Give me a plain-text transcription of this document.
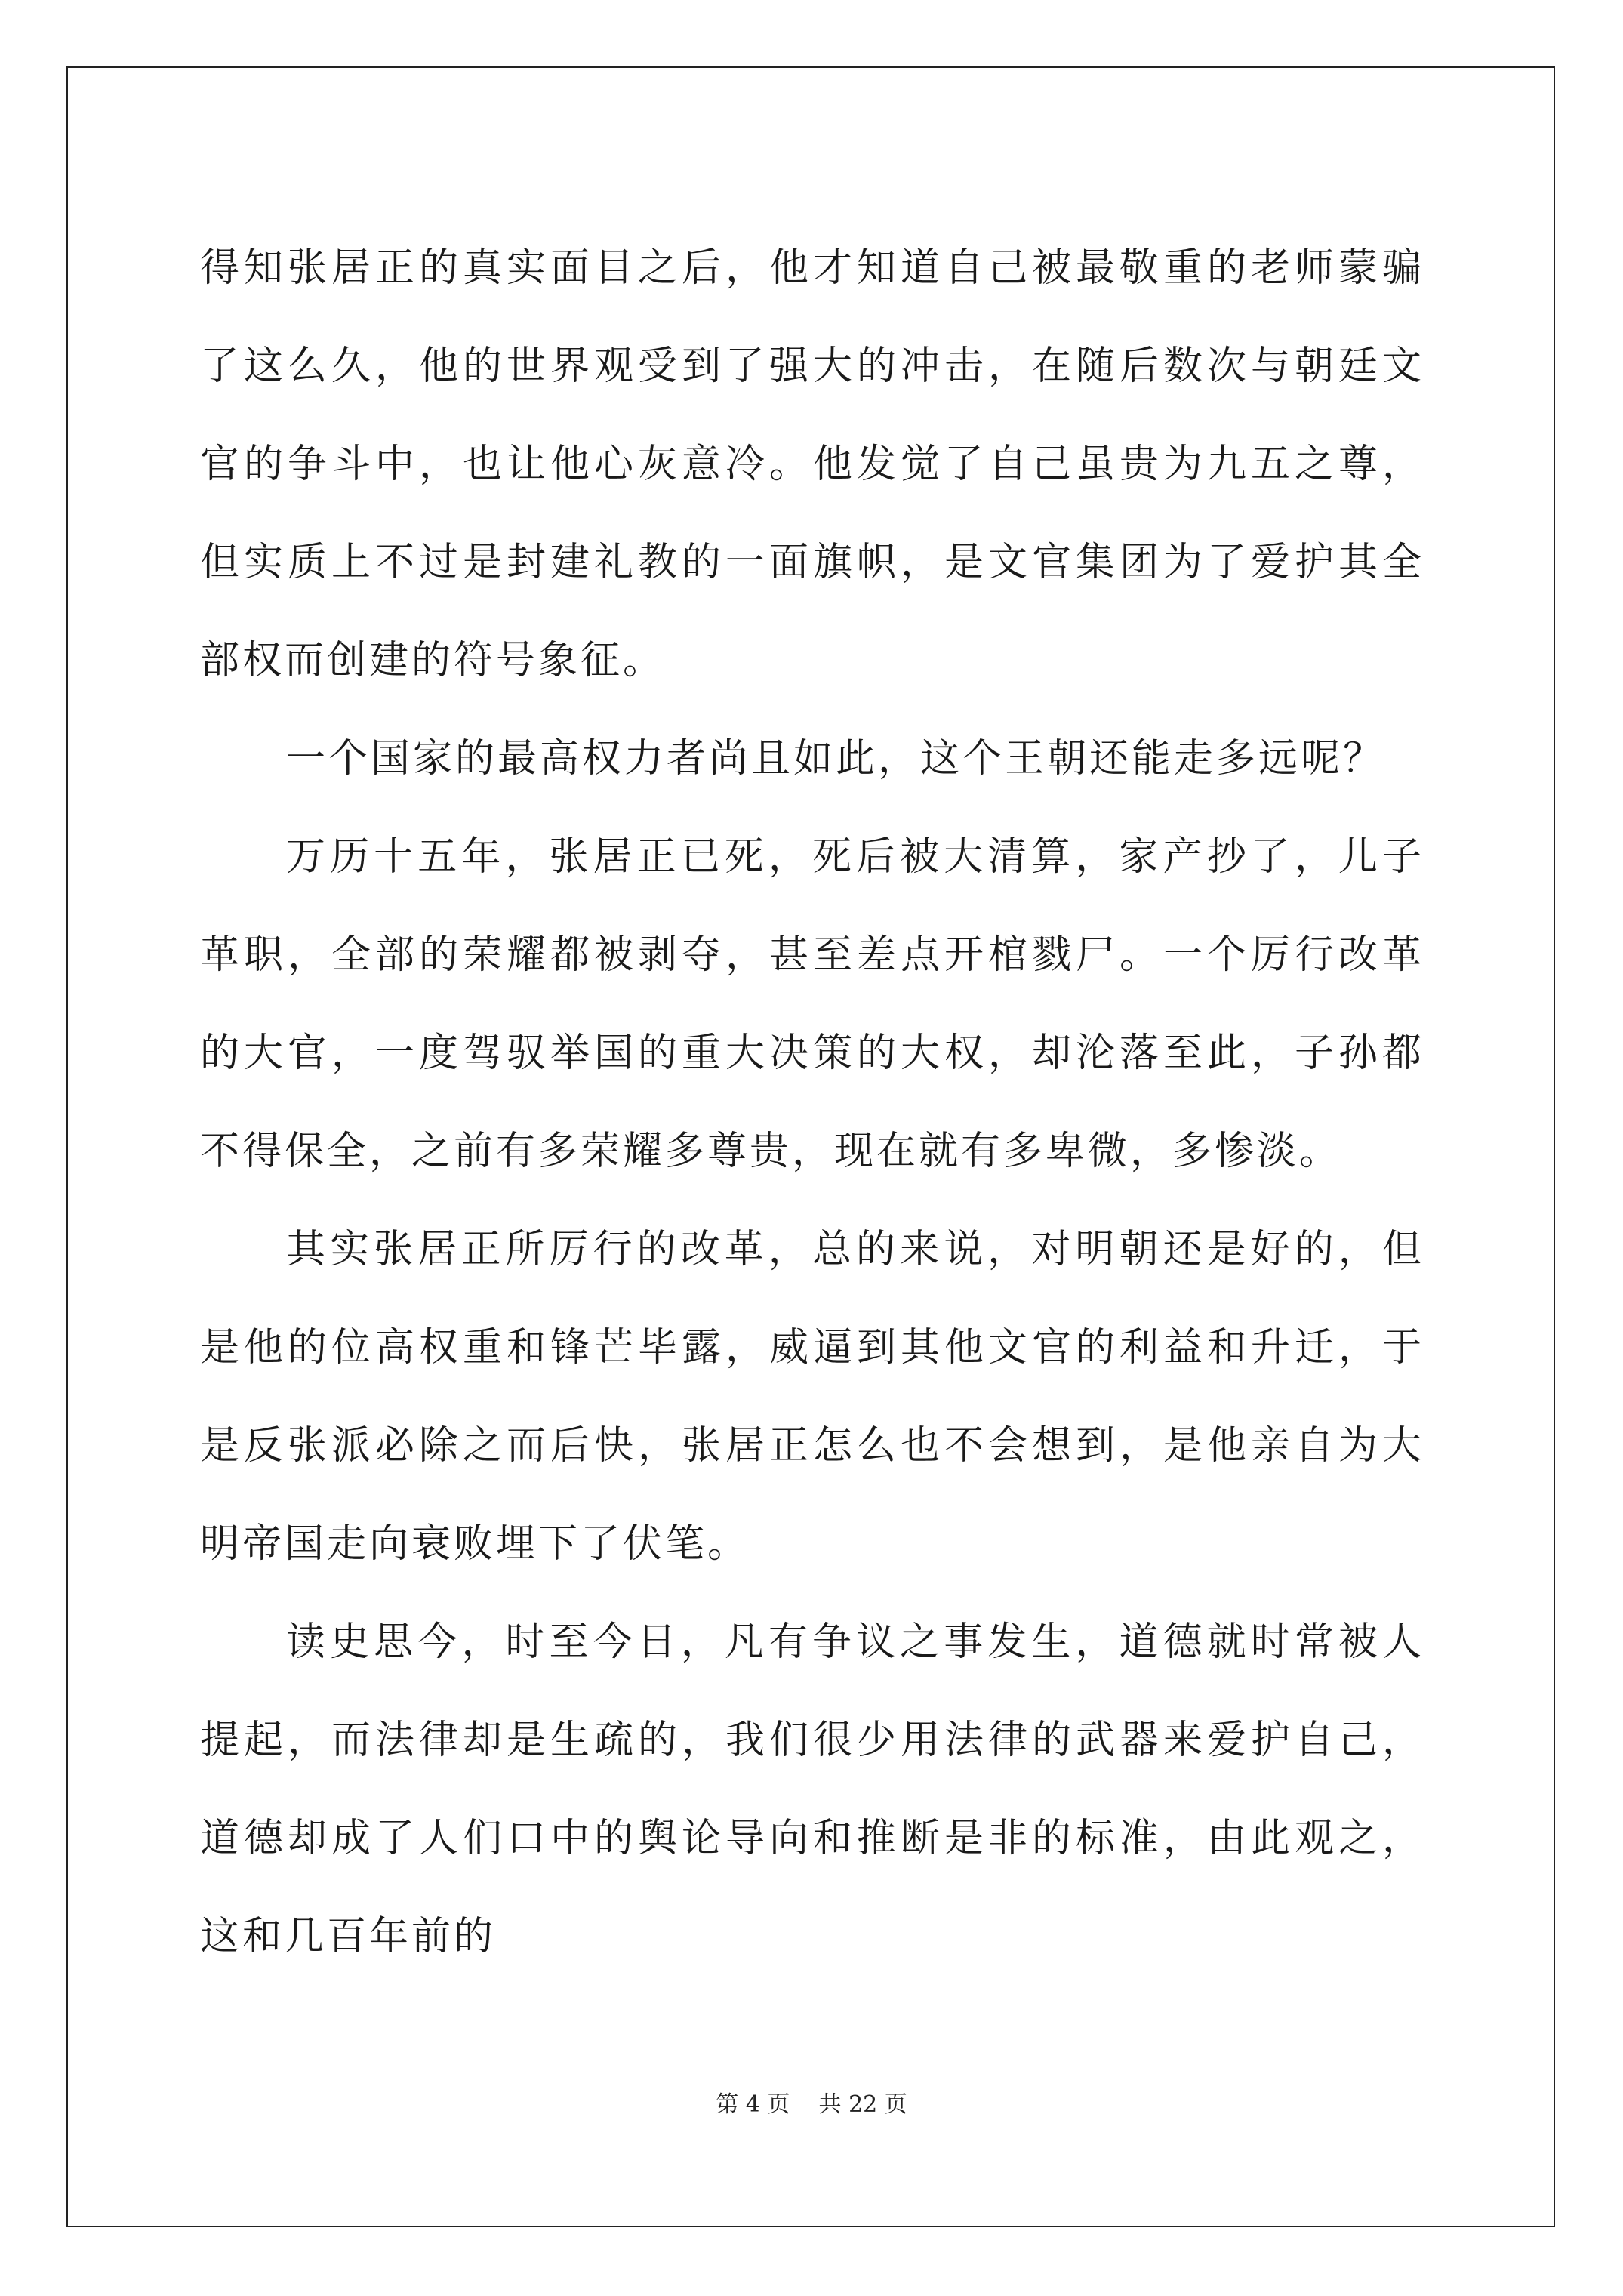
得知张居正的真实面目之后，他才知道自己被最敬重的老师蒙骗了这么久，他的世界观受到了强大的冲击，在随后数次与朝廷文官的争斗中，也让他心灰意冷。他发觉了自己虽贵为九五之尊，但实质上不过是封建礼教的一面旗帜，是文官集团为了爱护其全部权而创建的符号象征。

一个国家的最高权力者尚且如此，这个王朝还能走多远呢？

万历十五年，张居正已死，死后被大清算，家产抄了，儿子革职，全部的荣耀都被剥夺，甚至差点开棺戮尸。一个厉行改革的大官，一度驾驭举国的重大决策的大权，却沦落至此，子孙都不得保全，之前有多荣耀多尊贵，现在就有多卑微，多惨淡。

其实张居正所厉行的改革，总的来说，对明朝还是好的，但是他的位高权重和锋芒毕露，威逼到其他文官的利益和升迁，于是反张派必除之而后快，张居正怎么也不会想到，是他亲自为大明帝国走向衰败埋下了伏笔。

读史思今，时至今日，凡有争议之事发生，道德就时常被人提起，而法律却是生疏的，我们很少用法律的武器来爱护自己，道德却成了人们口中的舆论导向和推断是非的标准，由此观之，这和几百年前的

第 4 页 共 22 页
